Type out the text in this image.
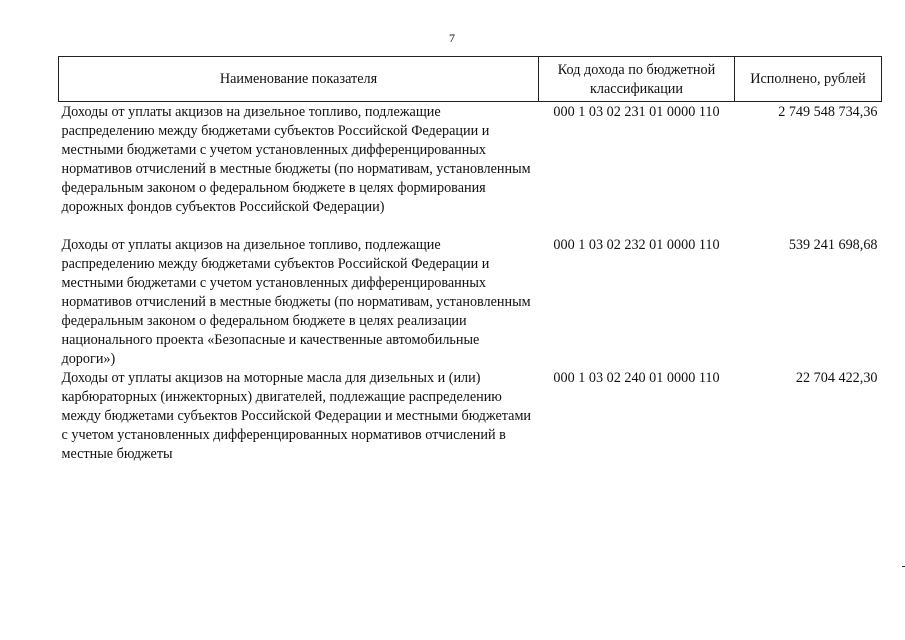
7
Наименование показателя	Код дохода по бюджетной классификации	Исполнено, рублей
Доходы от уплаты акцизов на дизельное топливо, подлежащие распределению между бюджетами субъектов Российской Федерации и местными бюджетами с учетом установленных дифференцированных нормативов отчислений в местные бюджеты (по нормативам, установленным федеральным законом о федеральном бюджете в целях формирования дорожных фондов субъектов Российской Федерации)	000 1 03 02 231 01 0000 110	2 749 548 734,36
Доходы от уплаты акцизов на дизельное топливо, подлежащие распределению между бюджетами субъектов Российской Федерации и местными бюджетами с учетом установленных дифференцированных нормативов отчислений в местные бюджеты (по нормативам, установленным федеральным законом о федеральном бюджете в целях реализации национального проекта «Безопасные и качественные автомобильные дороги»)	000 1 03 02 232 01 0000 110	539 241 698,68
Доходы от уплаты акцизов на моторные масла для дизельных и (или) карбюраторных (инжекторных) двигателей, подлежащие распределению между бюджетами субъектов Российской Федерации и местными бюджетами с учетом установленных дифференцированных нормативов отчислений в местные бюджеты	000 1 03 02 240 01 0000 110	22 704 422,30
